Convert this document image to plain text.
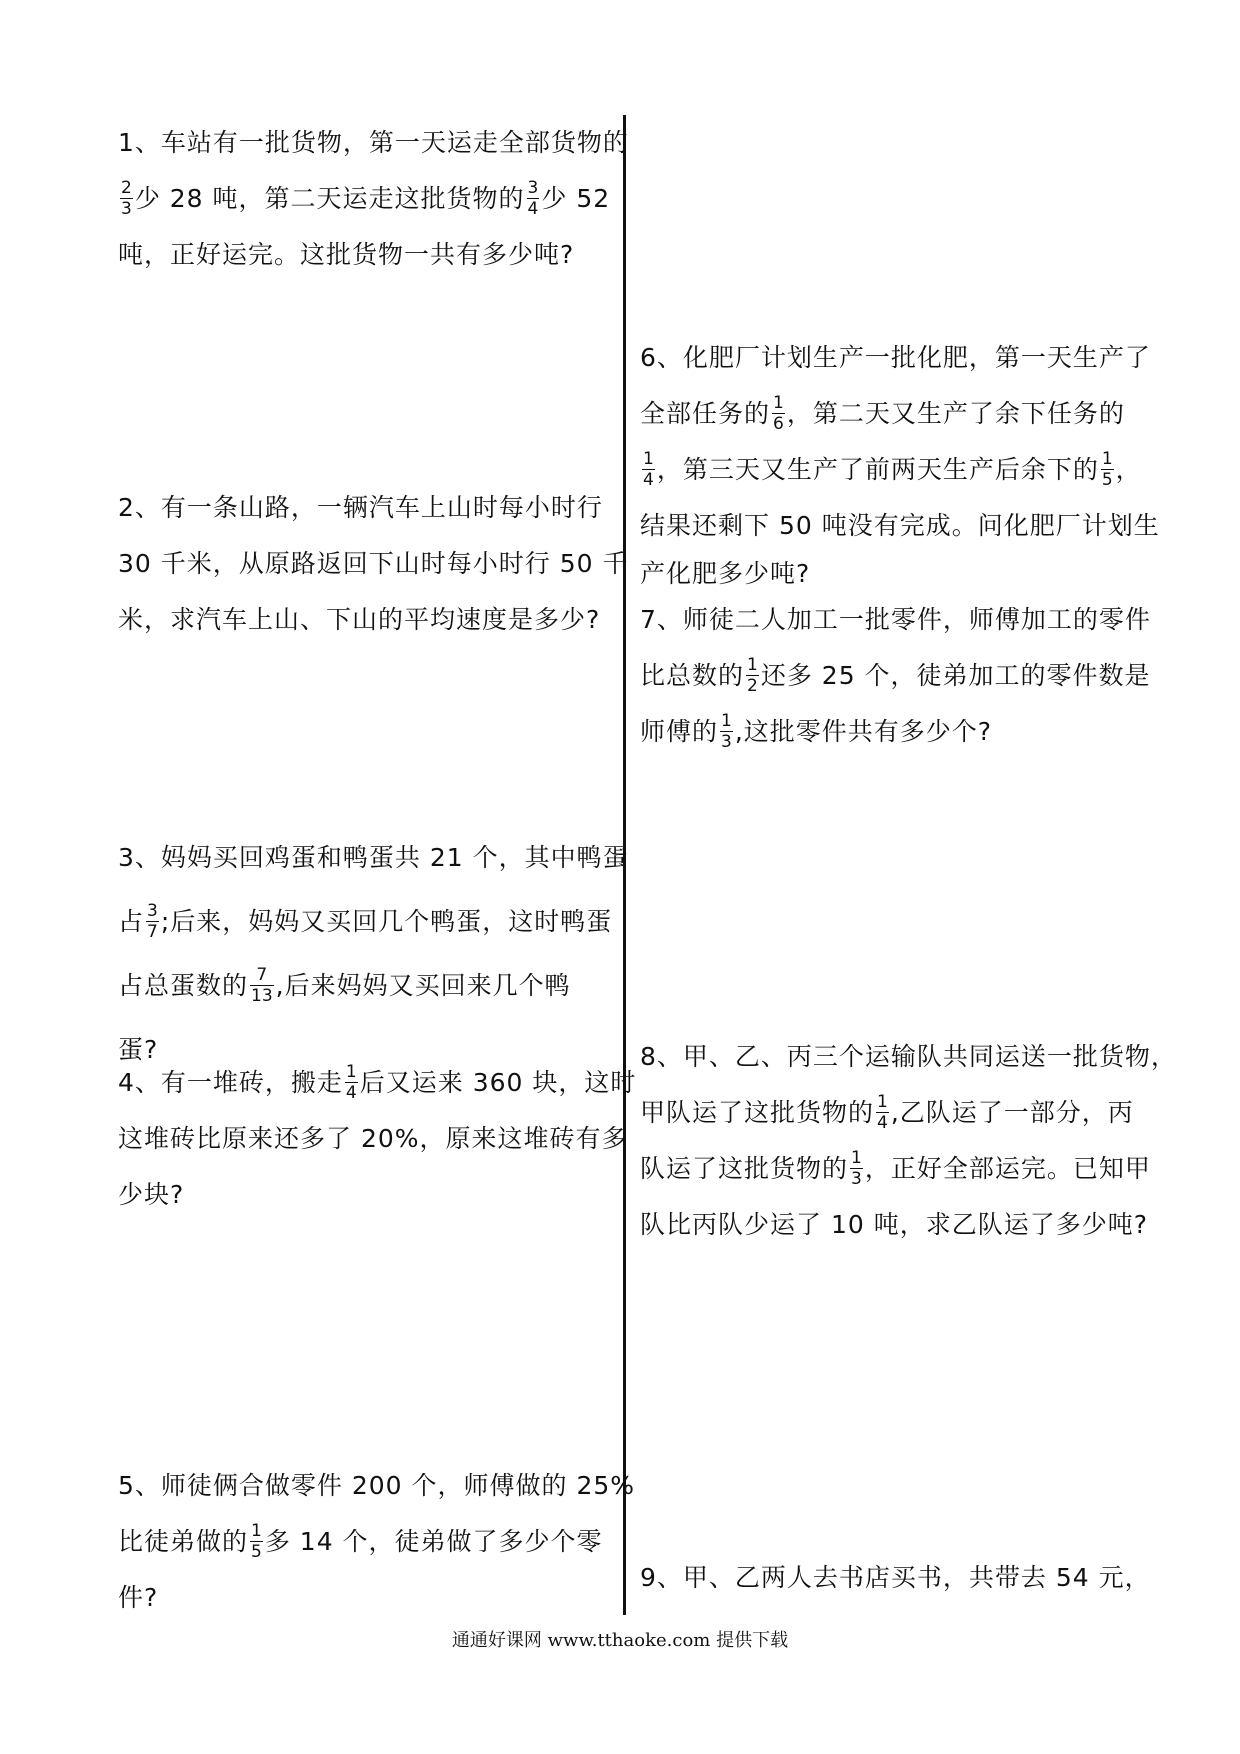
1、车站有一批货物，第一天运走全部货物的
$\frac{2}{3}$ 少 28 吨，第二天运走这批货物的 $\frac{3}{4}$ 少 52
吨，正好运完。这批货物一共有多少吨?
2、有一条山路，一辆汽车上山时每小时行
30 千米，从原路返回下山时每小时行 50 千
米，求汽车上山、下山的平均速度是多少?
3、妈妈买回鸡蛋和鸭蛋共 21 个，其中鸭蛋
占 $\frac{3}{7}$ ;后来，妈妈又买回几个鸭蛋，这时鸭蛋
占总蛋数的 $\frac{7}{13}$ ,后来妈妈又买回来几个鸭
蛋?
4、有一堆砖，搬走 $\frac{1}{4}$ 后又运来 360 块，这时
这堆砖比原来还多了 20%，原来这堆砖有多
少块?
5、师徒俩合做零件 200 个，师傅做的 25%
比徒弟做的 $\frac{1}{5}$ 多 14 个，徒弟做了多少个零
件?
6、化肥厂计划生产一批化肥，第一天生产了
全部任务的 $\frac{1}{6}$ ，第二天又生产了余下任务的
$\frac{1}{4}$ ，第三天又生产了前两天生产后余下的 $\frac{1}{5}$ ，
结果还剩下 50 吨没有完成。问化肥厂计划生
产化肥多少吨?
7、师徒二人加工一批零件，师傅加工的零件
比总数的 $\frac{1}{2}$ 还多 25 个，徒弟加工的零件数是
师傅的 $\frac{1}{3}$ ,这批零件共有多少个?
8、甲、乙、丙三个运输队共同运送一批货物，
甲队运了这批货物的 $\frac{1}{4}$ ,乙队运了一部分，丙
队运了这批货物的 $\frac{1}{3}$ ，正好全部运完。已知甲
队比丙队少运了 10 吨，求乙队运了多少吨?
9、甲、乙两人去书店买书，共带去 54 元，
通通好课网 www.tthaoke.com 提供下载
